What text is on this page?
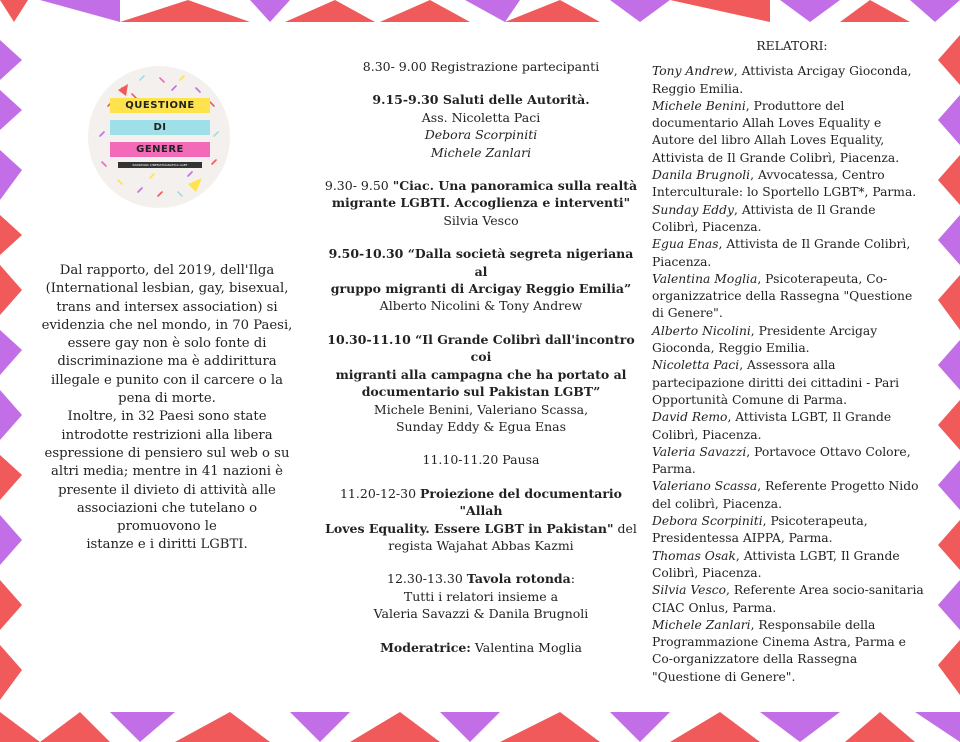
QUESTIONE
DI
GENERE
RASSEGNA CINEMATOGRAFICA LGBT
Dal rapporto, del 2019, dell'Ilga
(International lesbian, gay, bisexual,
trans and intersex association) si
evidenzia che nel mondo, in 70 Paesi,
essere gay non è solo fonte di
discriminazione ma è addirittura
illegale e punito con il carcere o la
pena di morte.
Inoltre, in 32 Paesi sono state
introdotte restrizioni alla libera
espressione di pensiero sul web o su
altri media; mentre in 41 nazioni è
presente il divieto di attività alle
associazioni che tutelano o
promuovono le
istanze e i diritti LGBTI.
8.30- 9.00 Registrazione partecipanti
9.15-9.30 Saluti delle Autorità.
Ass. Nicoletta Paci
Debora Scorpiniti
Michele Zanlari
9.30- 9.50 "Ciac. Una panoramica sulla realtà
migrante LGBTI. Accoglienza e interventi"
Silvia Vesco
9.50-10.30 “Dalla società segreta nigeriana al
gruppo migranti di Arcigay Reggio Emilia”
Alberto Nicolini & Tony Andrew
10.30-11.10 “Il Grande Colibrì dall'incontro coi
migranti alla campagna che ha portato al
documentario sul Pakistan LGBT”
Michele Benini, Valeriano Scassa,
Sunday Eddy & Egua Enas
11.10-11.20 Pausa
11.20-12-30 Proiezione del documentario "Allah
Loves Equality. Essere LGBT in Pakistan" del
regista Wajahat Abbas Kazmi
12.30-13.30 Tavola rotonda:
Tutti i relatori insieme a
Valeria Savazzi & Danila Brugnoli
Moderatrice: Valentina Moglia
RELATORI:
Tony Andrew, Attivista Arcigay Gioconda, Reggio Emilia.
Michele Benini, Produttore del documentario Allah Loves Equality e Autore del libro Allah Loves Equality, Attivista de Il Grande Colibrì, Piacenza.
Danila Brugnoli, Avvocatessa, Centro Interculturale: lo Sportello LGBT*, Parma.
Sunday Eddy, Attivista de Il Grande Colibrì, Piacenza.
Egua Enas, Attivista de Il Grande Colibrì, Piacenza.
Valentina Moglia, Psicoterapeuta, Co-organizzatrice della Rassegna "Questione di Genere".
Alberto Nicolini, Presidente Arcigay Gioconda, Reggio Emilia.
Nicoletta Paci, Assessora alla partecipazione diritti dei cittadini - Pari Opportunità Comune di Parma.
David Remo, Attivista LGBT, Il Grande Colibrì, Piacenza.
Valeria Savazzi, Portavoce Ottavo Colore, Parma.
Valeriano Scassa, Referente Progetto Nido del colibrì, Piacenza.
Debora Scorpiniti, Psicoterapeuta, Presidentessa AIPPA, Parma.
Thomas Osak, Attivista LGBT, Il Grande Colibrì, Piacenza.
Silvia Vesco, Referente Area socio-sanitaria CIAC Onlus, Parma.
Michele Zanlari, Responsabile della Programmazione Cinema Astra, Parma e Co-organizzatore della Rassegna "Questione di Genere".
